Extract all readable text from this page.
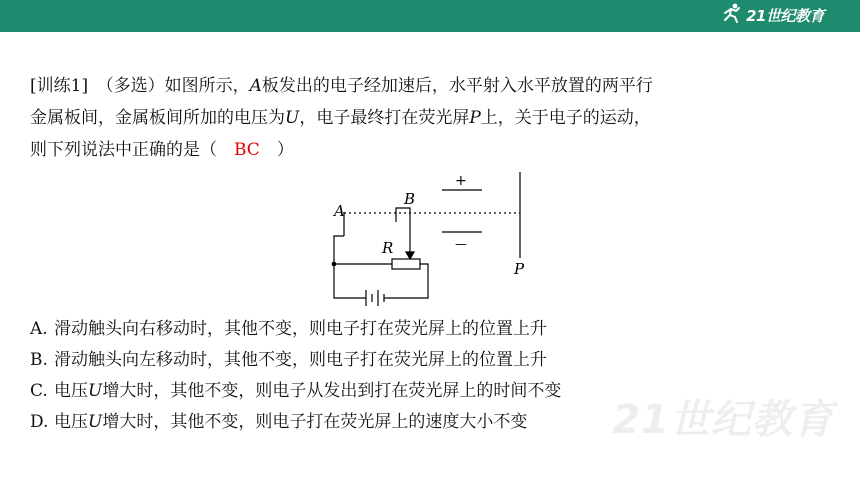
21世纪教育
21世纪教育
[训练1]　（多选）如图所示，A板发出的电子经加速后，水平射入水平放置的两平行
金属板间，金属板间所加的电压为U，电子最终打在荧光屏P上，关于电子的运动，
则下列说法中正确的是（　BC　）
A
B
R
P
+
—
A. 滑动触头向右移动时，其他不变，则电子打在荧光屏上的位置上升
B. 滑动触头向左移动时，其他不变，则电子打在荧光屏上的位置上升
C. 电压U增大时，其他不变，则电子从发出到打在荧光屏上的时间不变
D. 电压U增大时，其他不变，则电子打在荧光屏上的速度大小不变
